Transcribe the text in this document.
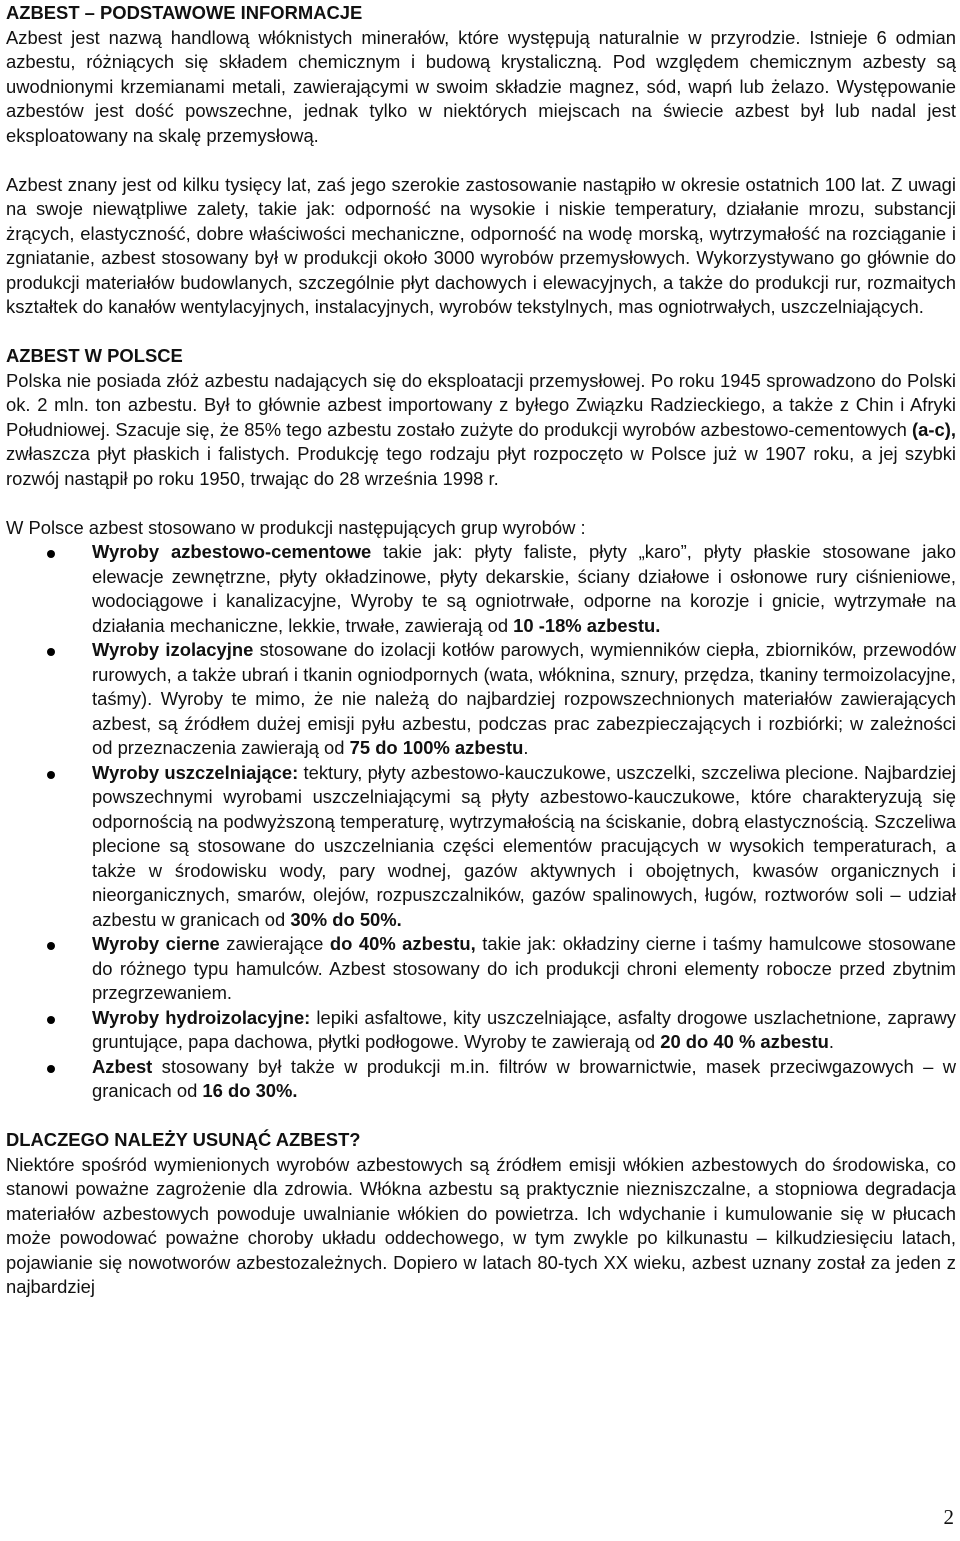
AZBEST – PODSTAWOWE INFORMACJE

Azbest jest nazwą handlową włóknistych minerałów, które występują naturalnie w przyrodzie. Istnieje 6 odmian azbestu, różniących się składem chemicznym i budową krystaliczną. Pod względem chemicznym azbesty są uwodnionymi krzemianami metali, zawierającymi w swoim składzie magnez, sód, wapń lub żelazo. Występowanie azbestów jest dość powszechne, jednak tylko w niektórych miejscach na świecie azbest był lub nadal jest eksploatowany na skalę przemysłową.

Azbest znany jest od kilku tysięcy lat, zaś jego szerokie zastosowanie nastąpiło w okresie ostatnich 100 lat. Z uwagi na swoje niewątpliwe zalety, takie jak: odporność na wysokie i niskie temperatury, działanie mrozu, substancji żrących, elastyczność, dobre właściwości mechaniczne, odporność na wodę morską, wytrzymałość na rozciąganie i zgniatanie, azbest stosowany był w produkcji około 3000 wyrobów przemysłowych. Wykorzystywano go głównie do produkcji materiałów budowlanych, szczególnie płyt dachowych i elewacyjnych, a także do produkcji rur, rozmaitych kształtek do kanałów wentylacyjnych, instalacyjnych, wyrobów tekstylnych, mas ogniotrwałych, uszczelniających.

AZBEST W POLSCE

Polska nie posiada złóż azbestu nadających się do eksploatacji przemysłowej. Po roku 1945 sprowadzono do Polski ok. 2 mln. ton azbestu. Był to głównie azbest importowany z byłego Związku Radzieckiego, a także z Chin i Afryki Południowej. Szacuje się, że 85% tego azbestu zostało zużyte do produkcji wyrobów azbestowo-cementowych (a-c), zwłaszcza płyt płaskich i falistych. Produkcję tego rodzaju płyt rozpoczęto w Polsce już w 1907 roku, a jej szybki rozwój nastąpił po roku 1950, trwając do 28 września 1998 r.

W Polsce azbest stosowano w produkcji następujących grup wyrobów :

Wyroby azbestowo-cementowe takie jak: płyty faliste, płyty „karo”, płyty płaskie stosowane jako elewacje zewnętrzne, płyty okładzinowe, płyty dekarskie, ściany działowe i osłonowe rury ciśnieniowe, wodociągowe i kanalizacyjne, Wyroby te są ogniotrwałe, odporne na korozje i gnicie, wytrzymałe na działania mechaniczne, lekkie, trwałe, zawierają od 10 -18% azbestu.
Wyroby izolacyjne stosowane do izolacji kotłów parowych, wymienników ciepła, zbiorników, przewodów rurowych, a także ubrań i tkanin ogniodpornych (wata, włóknina, sznury, przędza, tkaniny termoizolacyjne, taśmy). Wyroby te mimo, że nie należą do najbardziej rozpowszechnionych materiałów zawierających azbest, są źródłem dużej emisji pyłu azbestu, podczas prac zabezpieczających i rozbiórki; w zależności od przeznaczenia zawierają od 75 do 100% azbestu.
Wyroby uszczelniające: tektury, płyty azbestowo-kauczukowe, uszczelki, szczeliwa plecione. Najbardziej powszechnymi wyrobami uszczelniającymi są płyty azbestowo-kauczukowe, które charakteryzują się odpornością na podwyższoną temperaturę, wytrzymałością na ściskanie, dobrą elastycznością. Szczeliwa plecione są stosowane do uszczelniania części elementów pracujących w wysokich temperaturach, a także w środowisku wody, pary wodnej, gazów aktywnych i obojętnych, kwasów organicznych i nieorganicznych, smarów, olejów, rozpuszczalników, gazów spalinowych, ługów, roztworów soli – udział azbestu w granicach od 30% do 50%.
Wyroby cierne zawierające do 40% azbestu, takie jak: okładziny cierne i taśmy hamulcowe stosowane do różnego typu hamulców. Azbest stosowany do ich produkcji chroni elementy robocze przed zbytnim przegrzewaniem.
Wyroby hydroizolacyjne: lepiki asfaltowe, kity uszczelniające, asfalty drogowe uszlachetnione, zaprawy gruntujące, papa dachowa, płytki podłogowe. Wyroby te zawierają od 20 do 40 % azbestu.
Azbest stosowany był także w produkcji m.in. filtrów w browarnictwie, masek przeciwgazowych – w granicach od 16 do 30%.
DLACZEGO NALEŻY USUNĄĆ AZBEST?

Niektóre spośród wymienionych wyrobów azbestowych są źródłem emisji włókien azbestowych do środowiska, co stanowi poważne zagrożenie dla zdrowia. Włókna azbestu są praktycznie niezniszczalne, a stopniowa degradacja materiałów azbestowych powoduje uwalnianie włókien do powietrza. Ich wdychanie i kumulowanie się w płucach może powodować poważne choroby układu oddechowego, w tym zwykle po kilkunastu – kilkudziesięciu latach, pojawianie się nowotworów azbestozależnych. Dopiero w latach 80-tych XX wieku, azbest uznany został za jeden z najbardziej

2
